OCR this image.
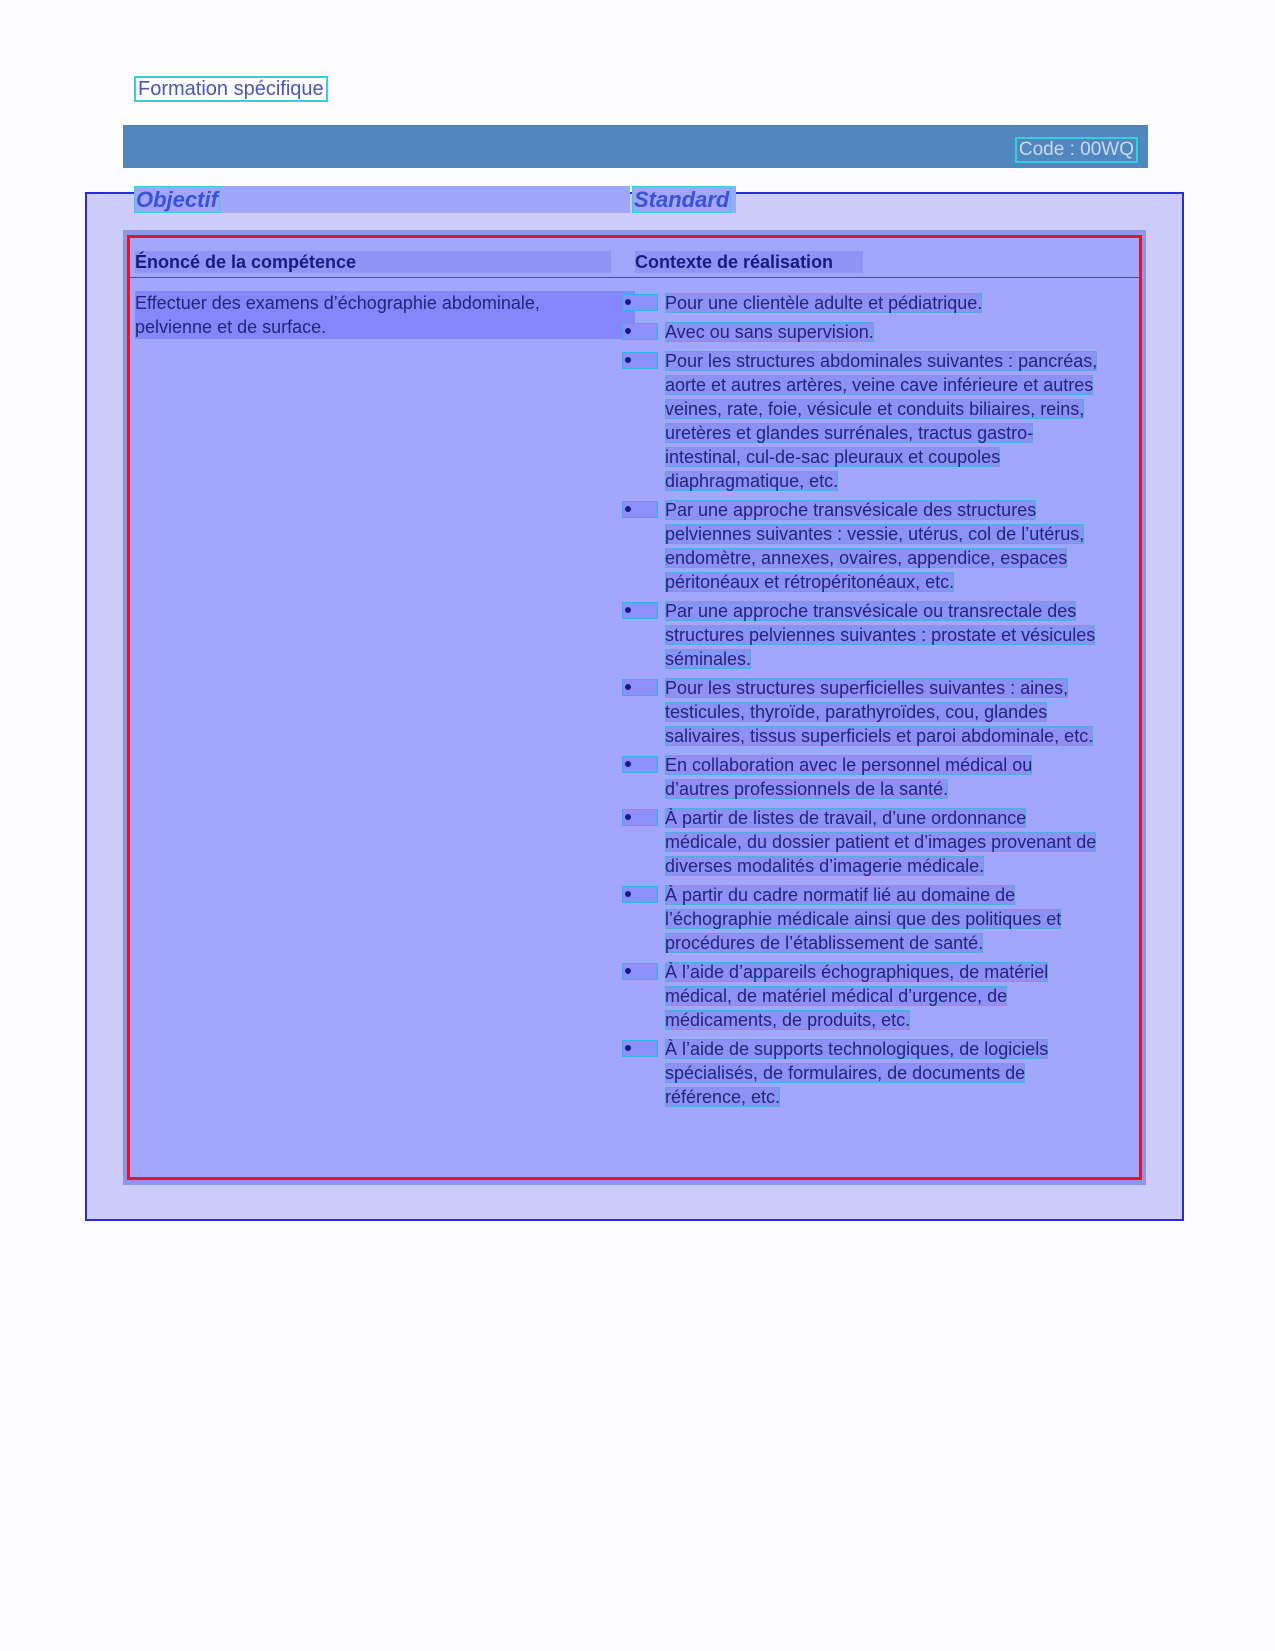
Formation spécifique
Code : 00WQ
Objectif	Standard
Énoncé de la compétence	Contexte de réalisation
Effectuer des examens d’échographie abdominale,
pelvienne et de surface.
Pour une clientèle adulte et pédiatrique.
Avec ou sans supervision.
Pour les structures abdominales suivantes : pancréas, aorte et autres artères, veine cave inférieure et autres veines, rate, foie, vésicule et conduits biliaires, reins, uretères et glandes surrénales, tractus gastro-intestinal, cul-de-sac pleuraux et coupoles diaphragmatique, etc.
Par une approche transvésicale des structures pelviennes suivantes : vessie, utérus, col de l’utérus, endomètre, annexes, ovaires, appendice, espaces péritonéaux et rétropéritonéaux, etc.
Par une approche transvésicale ou transrectale des structures pelviennes suivantes : prostate et vésicules séminales.
Pour les structures superficielles suivantes : aines, testicules, thyroïde, parathyroïdes, cou, glandes salivaires, tissus superficiels et paroi abdominale, etc.
En collaboration avec le personnel médical ou d’autres professionnels de la santé.
À partir de listes de travail, d’une ordonnance médicale, du dossier patient et d’images provenant de diverses modalités d’imagerie médicale.
À partir du cadre normatif lié au domaine de l’échographie médicale ainsi que des politiques et procédures de l’établissement de santé.
À l’aide d’appareils échographiques, de matériel médical, de matériel médical d’urgence, de médicaments, de produits, etc.
À l’aide de supports technologiques, de logiciels spécialisés, de formulaires, de documents de référence, etc.
